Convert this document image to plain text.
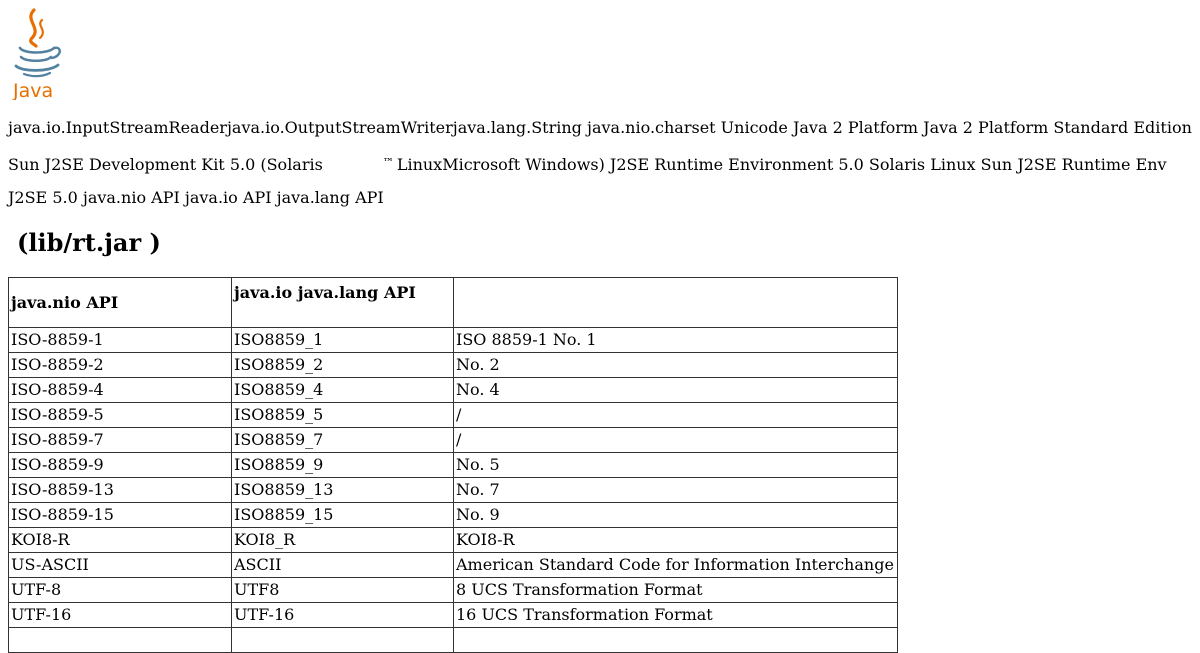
Java
java.io.InputStreamReaderjava.io.OutputStreamWriterjava.lang.String java.nio.charset Unicode Java 2 Platform Java 2 Platform Standard Edition
Sun J2SE Development Kit 5.0 (Solaris	™ LinuxMicrosoft Windows) J2SE Runtime Environment 5.0 Solaris Linux Sun J2SE Runtime Env
J2SE 5.0 java.nio API java.io API java.lang API
(lib/rt.jar )
java.nio API	java.io java.lang API	
ISO-8859-1	ISO8859_1	ISO 8859-1 No. 1
ISO-8859-2	ISO8859_2	No. 2
ISO-8859-4	ISO8859_4	No. 4
ISO-8859-5	ISO8859_5	/
ISO-8859-7	ISO8859_7	/
ISO-8859-9	ISO8859_9	No. 5
ISO-8859-13	ISO8859_13	No. 7
ISO-8859-15	ISO8859_15	No. 9
KOI8-R	KOI8_R	KOI8-R
US-ASCII	ASCII	American Standard Code for Information Interchange
UTF-8	UTF8	8 UCS Transformation Format
UTF-16	UTF-16	16 UCS Transformation Format
